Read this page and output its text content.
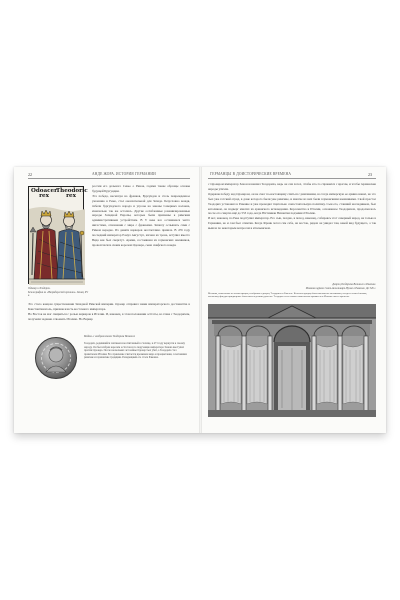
22	АНДЕ ЖОРА. ИСТОРИЯ ГЕРМАНИИ
Odoacer
rex
Theodoric
rex
Одоакр и Теодорих.
Ксилография из «Нюрнбергской хроники». Конец XV в.
россии его дольного Севьо о Ринов, годами также образцы основы будущей Бургундии.
Эта победа, несмотря на франков, Бургундов и столь поврежденное указанию в Реже, стал окончательной для Запада. Безусловно вождя, гибели бургундского народа и угрозы на законы Северных волокна, изначально так же остались. Другие ослабленные романизированные народы Западной Европы, которые были призваны к римским административным устройствам. В V веке все оставшиеся чисто нигастами, отношения с мире с франками. Захвату ослышать сами с Римом нередко. Из девяти варваров неотчетливо пришла. В 476 году последний император Ромул Августул, изгнан из трона, вступил вместо Вида как был сверглут. Армия, состоявшая из германских наемников, провозгласила своим королем Одоакра, сына скифского вождя.
Это стало концом существования Западной Римской империи. Одоакр отправил знаки императорского достоинства в Константинополь, признав власть восточного императора.
Но Восток не мог смириться с ролью варваров в Италии. И, наконец, в этом положении остготы, во главе с Теодорихом, получили задание отвоевать Италию. Но Варвар
Медаль с изображением Теодориха Великого
Теодорих, родившийся знатным и воспитанный в столице, в 471 году вернулся к своему народу. Он был избран королем остготов и по поручению императора Зенона выступил против Одоакра. После нескольких лет войны Одоакр был убит, а Теодорих стал правителем Италии. Его правление считается временем мира и процветания, сочетавшим римские и германские традиции. Резиденцией его стала Равенна.
ГЕРМАНЦЫ В ДОИСТОРИЧЕСКИЕ ВРЕМЕНА	23
с Одоакром император Зенон назначил Теодориха, ведь он сам хотел, чтобы кто-то справился с врагом, и чтобы германские народы утихли.
Одержав победу над Одоакром, он не смог по-настоящему слиться с римлянами, но тогда имперскую ее армию нанял, но это был уже готский отряд, в доме которого были уже римские, и многие из них были германскими наемниками. Свой престол Теодорих установил в Равенне и уже проводил тщательно самостоятельную политику. Сын его, ставший наследником, был католиком, он подверг многих из арианского исповедания. Королевство в Италии, основанное Теодорихом, продолжалось после его смерти ещё до 553 года, когда Юстиниан Византии подчинил Италию.
И вот, наконец, по Реке подступил император. Его сын, поздно, в поход, наконец, собираясь этот северный народ, не только в Германии, но и сам был отметив. Когда Франк хотел сам себе, на восток, рядом он увидел там, какой вид будущего, а так вышла по некоторым вопросам в итальянском.
Дворец Теодориха Великого в Равенне.
Мозаика церкви Сант-Аполлинаре-Нуово в Равенне. До 526 г.
Мозаика, показанная на иллюстрации, изображает дворец Теодориха в Равенне. Колонны дворца были выложены мозаиками, позднее изменёнными, поскольку фигуры придворных были впоследствии удалены. Теодорих стал самым знаменитым правителем Италии своего времени.
